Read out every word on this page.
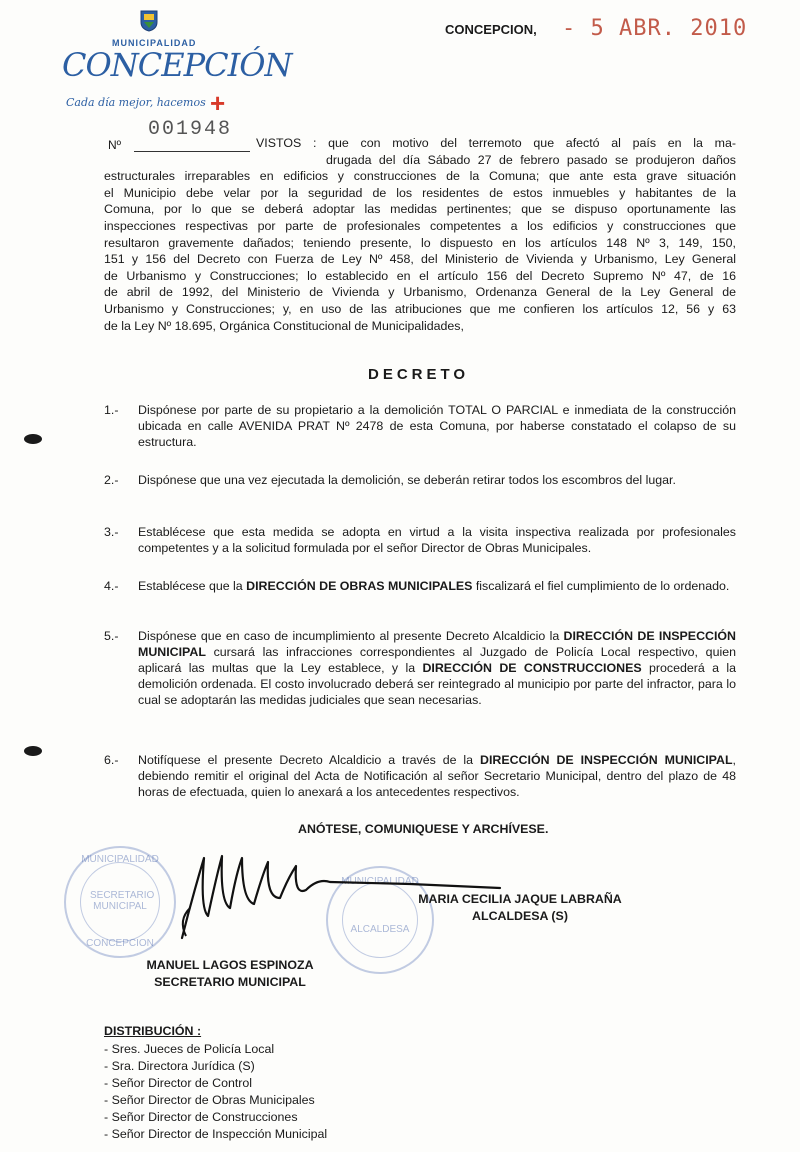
MUNICIPALIDAD
CONCEPCIÓN
Cada día mejor, hacemos +
CONCEPCION, - 5 ABR. 2010
001948
Nº	VISTOS : que con motivo del terremoto que afectó al país en la ma-
drugada del día Sábado 27 de febrero pasado se produjeron daños
estructurales irreparables en edificios y construcciones de la Comuna; que ante esta grave situación
el Municipio debe velar por la seguridad de los residentes de estos inmuebles y habitantes de la
Comuna, por lo que se deberá adoptar las medidas pertinentes; que se dispuso oportunamente las
inspecciones respectivas por parte de profesionales competentes a los edificios y construcciones que
resultaron gravemente dañados; teniendo presente, lo dispuesto en los artículos 148 Nº 3, 149, 150,
151 y 156 del Decreto con Fuerza de Ley Nº 458, del Ministerio de Vivienda y Urbanismo, Ley General
de Urbanismo y Construcciones; lo establecido en el artículo 156 del Decreto Supremo Nº 47, de 16
de abril de 1992, del Ministerio de Vivienda y Urbanismo, Ordenanza General de la Ley General de
Urbanismo y Construcciones; y, en uso de las atribuciones que me confieren los artículos 12, 56 y 63
de la Ley Nº 18.695, Orgánica Constitucional de Municipalidades,
DECRETO
1.- Dispónese por parte de su propietario a la demolición TOTAL O PARCIAL e inmediata de la construcción ubicada en calle AVENIDA PRAT Nº 2478 de esta Comuna, por haberse constatado el colapso de su estructura.
2.- Dispónese que una vez ejecutada la demolición, se deberán retirar todos los escombros del lugar.
3.- Establécese que esta medida se adopta en virtud a la visita inspectiva realizada por profesionales competentes y a la solicitud formulada por el señor Director de Obras Municipales.
4.- Establécese que la DIRECCIÓN DE OBRAS MUNICIPALES fiscalizará el fiel cumplimiento de lo ordenado.
5.- Dispónese que en caso de incumplimiento al presente Decreto Alcaldicio la DIRECCIÓN DE INSPECCIÓN MUNICIPAL cursará las infracciones correspondientes al Juzgado de Policía Local respectivo, quien aplicará las multas que la Ley establece, y la DIRECCIÓN DE CONSTRUCCIONES procederá a la demolición ordenada. El costo involucrado deberá ser reintegrado al municipio por parte del infractor, para lo cual se adoptarán las medidas judiciales que sean necesarias.
6.- Notifíquese el presente Decreto Alcaldicio a través de la DIRECCIÓN DE INSPECCIÓN MUNICIPAL, debiendo remitir el original del Acta de Notificación al señor Secretario Municipal, dentro del plazo de 48 horas de efectuada, quien lo anexará a los antecedentes respectivos.
ANÓTESE, COMUNIQUESE Y ARCHÍVESE.
MUNICIPALIDAD
SECRETARIO MUNICIPAL
CONCEPCION
MUNICIPALIDAD
ALCALDESA
MARIA CECILIA JAQUE LABRAÑA
ALCALDESA (S)
MANUEL LAGOS ESPINOZA
SECRETARIO MUNICIPAL
DISTRIBUCIÓN :
- Sres. Jueces de Policía Local
- Sra. Directora Jurídica (S)
- Señor Director de Control
- Señor Director de Obras Municipales
- Señor Director de Construcciones
- Señor Director de Inspección Municipal
